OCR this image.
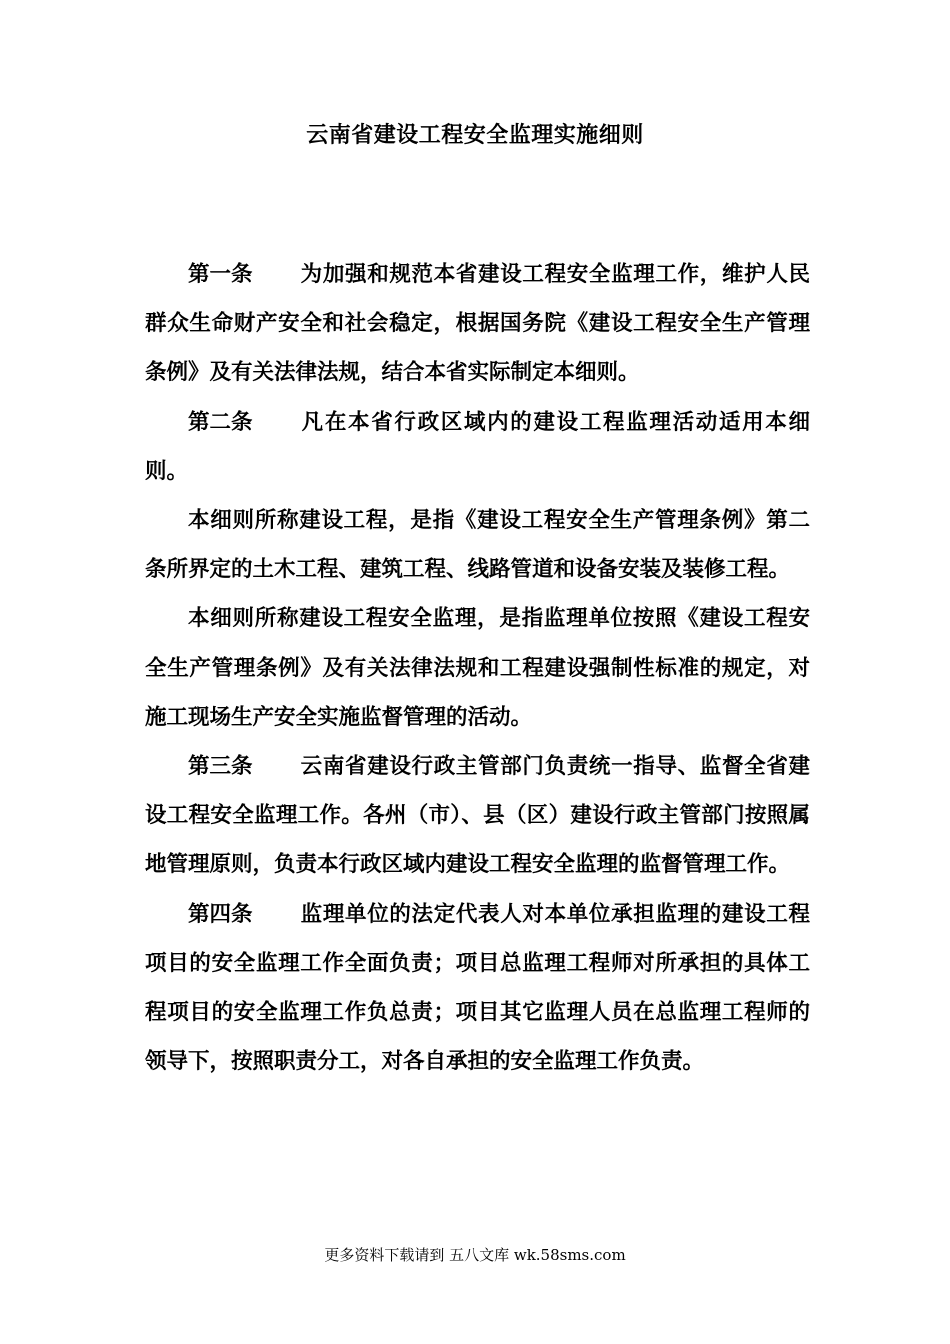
云南省建设工程安全监理实施细则

第一条 为加强和规范本省建设工程安全监理工作，维护人民群众生命财产安全和社会稳定，根据国务院《建设工程安全生产管理条例》及有关法律法规，结合本省实际制定本细则。

第二条 凡在本省行政区域内的建设工程监理活动适用本细则。

本细则所称建设工程，是指《建设工程安全生产管理条例》第二条所界定的土木工程、建筑工程、线路管道和设备安装及装修工程。

本细则所称建设工程安全监理，是指监理单位按照《建设工程安全生产管理条例》及有关法律法规和工程建设强制性标准的规定，对施工现场生产安全实施监督管理的活动。

第三条 云南省建设行政主管部门负责统一指导、监督全省建设工程安全监理工作。各州（市）、县（区）建设行政主管部门按照属地管理原则，负责本行政区域内建设工程安全监理的监督管理工作。

第四条 监理单位的法定代表人对本单位承担监理的建设工程项目的安全监理工作全面负责；项目总监理工程师对所承担的具体工程项目的安全监理工作负总责；项目其它监理人员在总监理工程师的领导下，按照职责分工，对各自承担的安全监理工作负责。

更多资料下载请到 五八文库 wk.58sms.com
